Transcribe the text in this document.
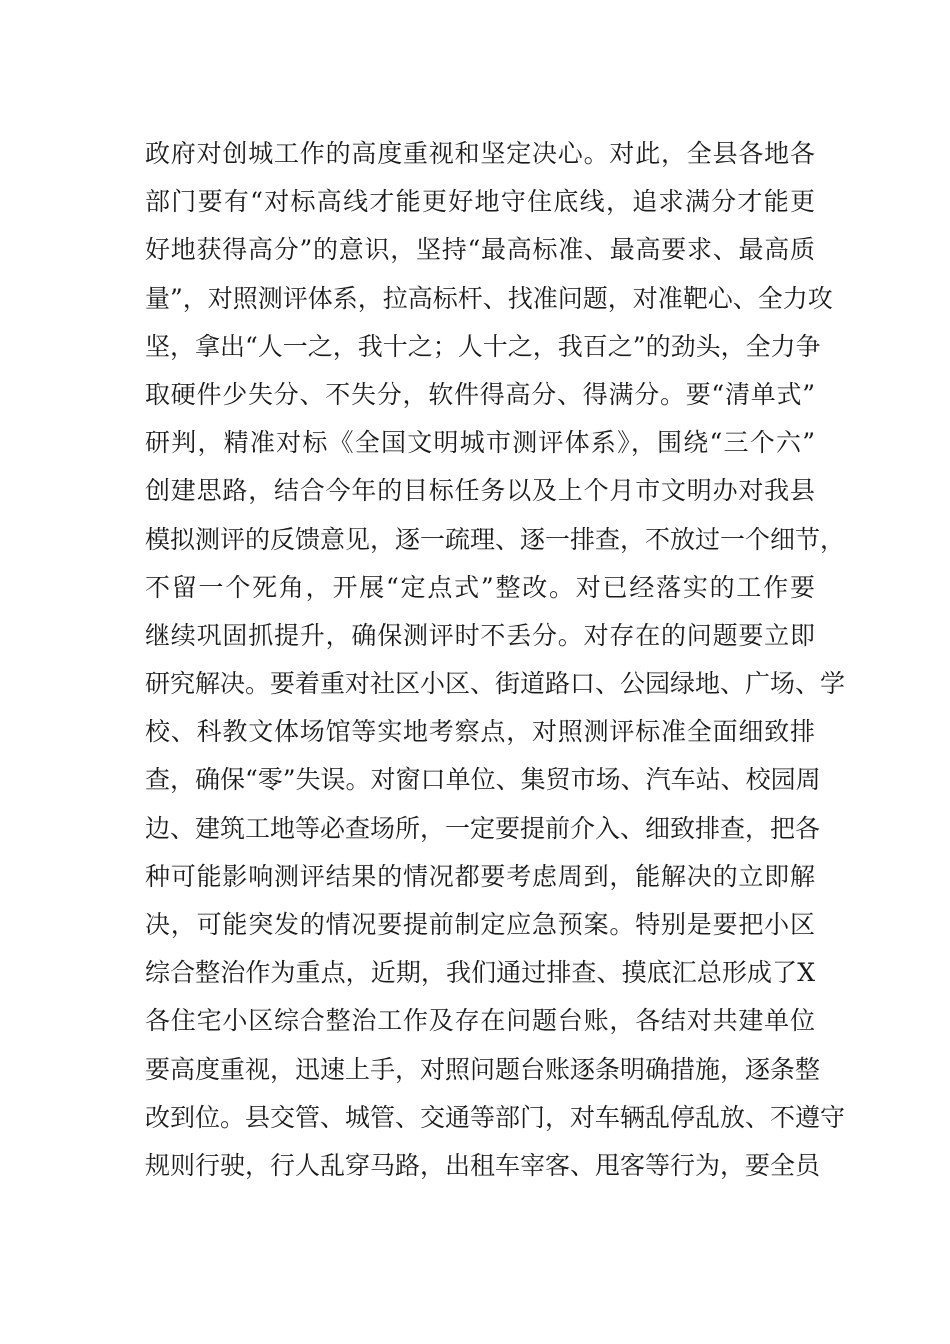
政府对创城工作的高度重视和坚定决心。对此，全县各地各
部门要有“对标高线才能更好地守住底线，追求满分才能更
好地获得高分”的意识，坚持“最高标准、最高要求、最高质
量”，对照测评体系，拉高标杆、找准问题，对准靶心、全力攻
坚，拿出“人一之，我十之；人十之，我百之”的劲头，全力争
取硬件少失分、不失分，软件得高分、得满分。要“清单式”
研判，精准对标《全国文明城市测评体系》，围绕“三个六”
创建思路，结合今年的目标任务以及上个月市文明办对我县
模拟测评的反馈意见，逐一疏理、逐一排查，不放过一个细节，
不留一个死角，开展“定点式”整改。对已经落实的工作要
继续巩固抓提升，确保测评时不丢分。对存在的问题要立即
研究解决。要着重对社区小区、街道路口、公园绿地、广场、学
校、科教文体场馆等实地考察点，对照测评标准全面细致排
查，确保“零”失误。对窗口单位、集贸市场、汽车站、校园周
边、建筑工地等必查场所，一定要提前介入、细致排查，把各
种可能影响测评结果的情况都要考虑周到，能解决的立即解
决，可能突发的情况要提前制定应急预案。特别是要把小区
综合整治作为重点，近期，我们通过排查、摸底汇总形成了X
各住宅小区综合整治工作及存在问题台账，各结对共建单位
要高度重视，迅速上手，对照问题台账逐条明确措施，逐条整
改到位。县交管、城管、交通等部门，对车辆乱停乱放、不遵守
规则行驶，行人乱穿马路，出租车宰客、甩客等行为，要全员
